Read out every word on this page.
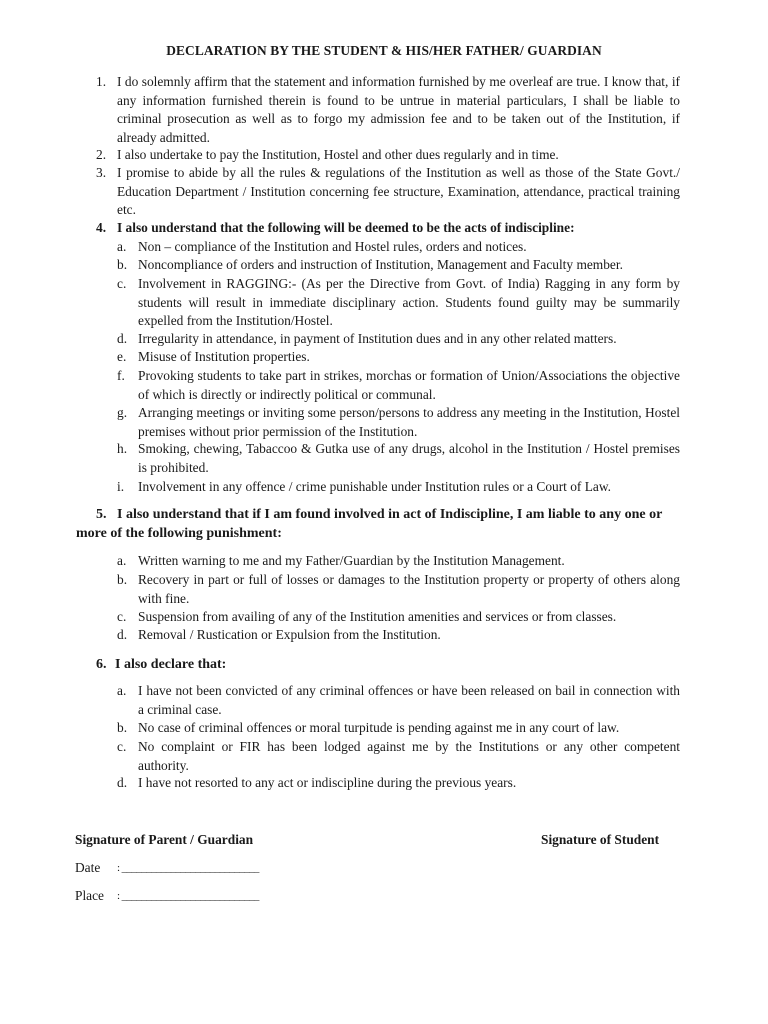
DECLARATION BY THE STUDENT & HIS/HER FATHER/ GUARDIAN
1. I do solemnly affirm that the statement and information furnished by me overleaf are true. I know that, if any information furnished therein is found to be untrue in material particulars, I shall be liable to criminal prosecution as well as to forgo my admission fee and to be taken out of the Institution, if already admitted.
2. I also undertake to pay the Institution, Hostel and other dues regularly and in time.
3. I promise to abide by all the rules & regulations of the Institution as well as those of the State Govt./ Education Department / Institution concerning fee structure, Examination, attendance, practical training etc.
4. I also understand that the following will be deemed to be the acts of indiscipline:
a. Non – compliance of the Institution and Hostel rules, orders and notices.
b. Noncompliance of orders and instruction of Institution, Management and Faculty member.
c. Involvement in RAGGING:- (As per the Directive from Govt. of India) Ragging in any form by students will result in immediate disciplinary action. Students found guilty may be summarily expelled from the Institution/Hostel.
d. Irregularity in attendance, in payment of Institution dues and in any other related matters.
e. Misuse of Institution properties.
f. Provoking students to take part in strikes, morchas or formation of Union/Associations the objective of which is directly or indirectly political or communal.
g. Arranging meetings or inviting some person/persons to address any meeting in the Institution, Hostel premises without prior permission of the Institution.
h. Smoking, chewing, Tabaccoo & Gutka use of any drugs, alcohol in the Institution / Hostel premises is prohibited.
i.	Involvement in any offence / crime punishable under Institution rules or a Court of Law.
5. I also understand that if I am found involved in act of Indiscipline, I am liable to any one or more of the following punishment:
a. Written warning to me and my Father/Guardian by the Institution Management.
b. Recovery in part or full of losses or damages to the Institution property or property of others along with fine.
c. Suspension from availing of any of the Institution amenities and services or from classes.
d. Removal / Rustication or Expulsion from the Institution.
6. I also declare that:
a. I have not been convicted of any criminal offences or have been released on bail in connection with a criminal case.
b. No case of criminal offences or moral turpitude is pending against me in any court of law.
c. No complaint or FIR has been lodged against me by the Institutions or any other competent authority.
d. I have not resorted to any act or indiscipline during the previous years.
Signature of Parent / Guardian	Signature of Student
Date : ____________________________
Place : ____________________________
